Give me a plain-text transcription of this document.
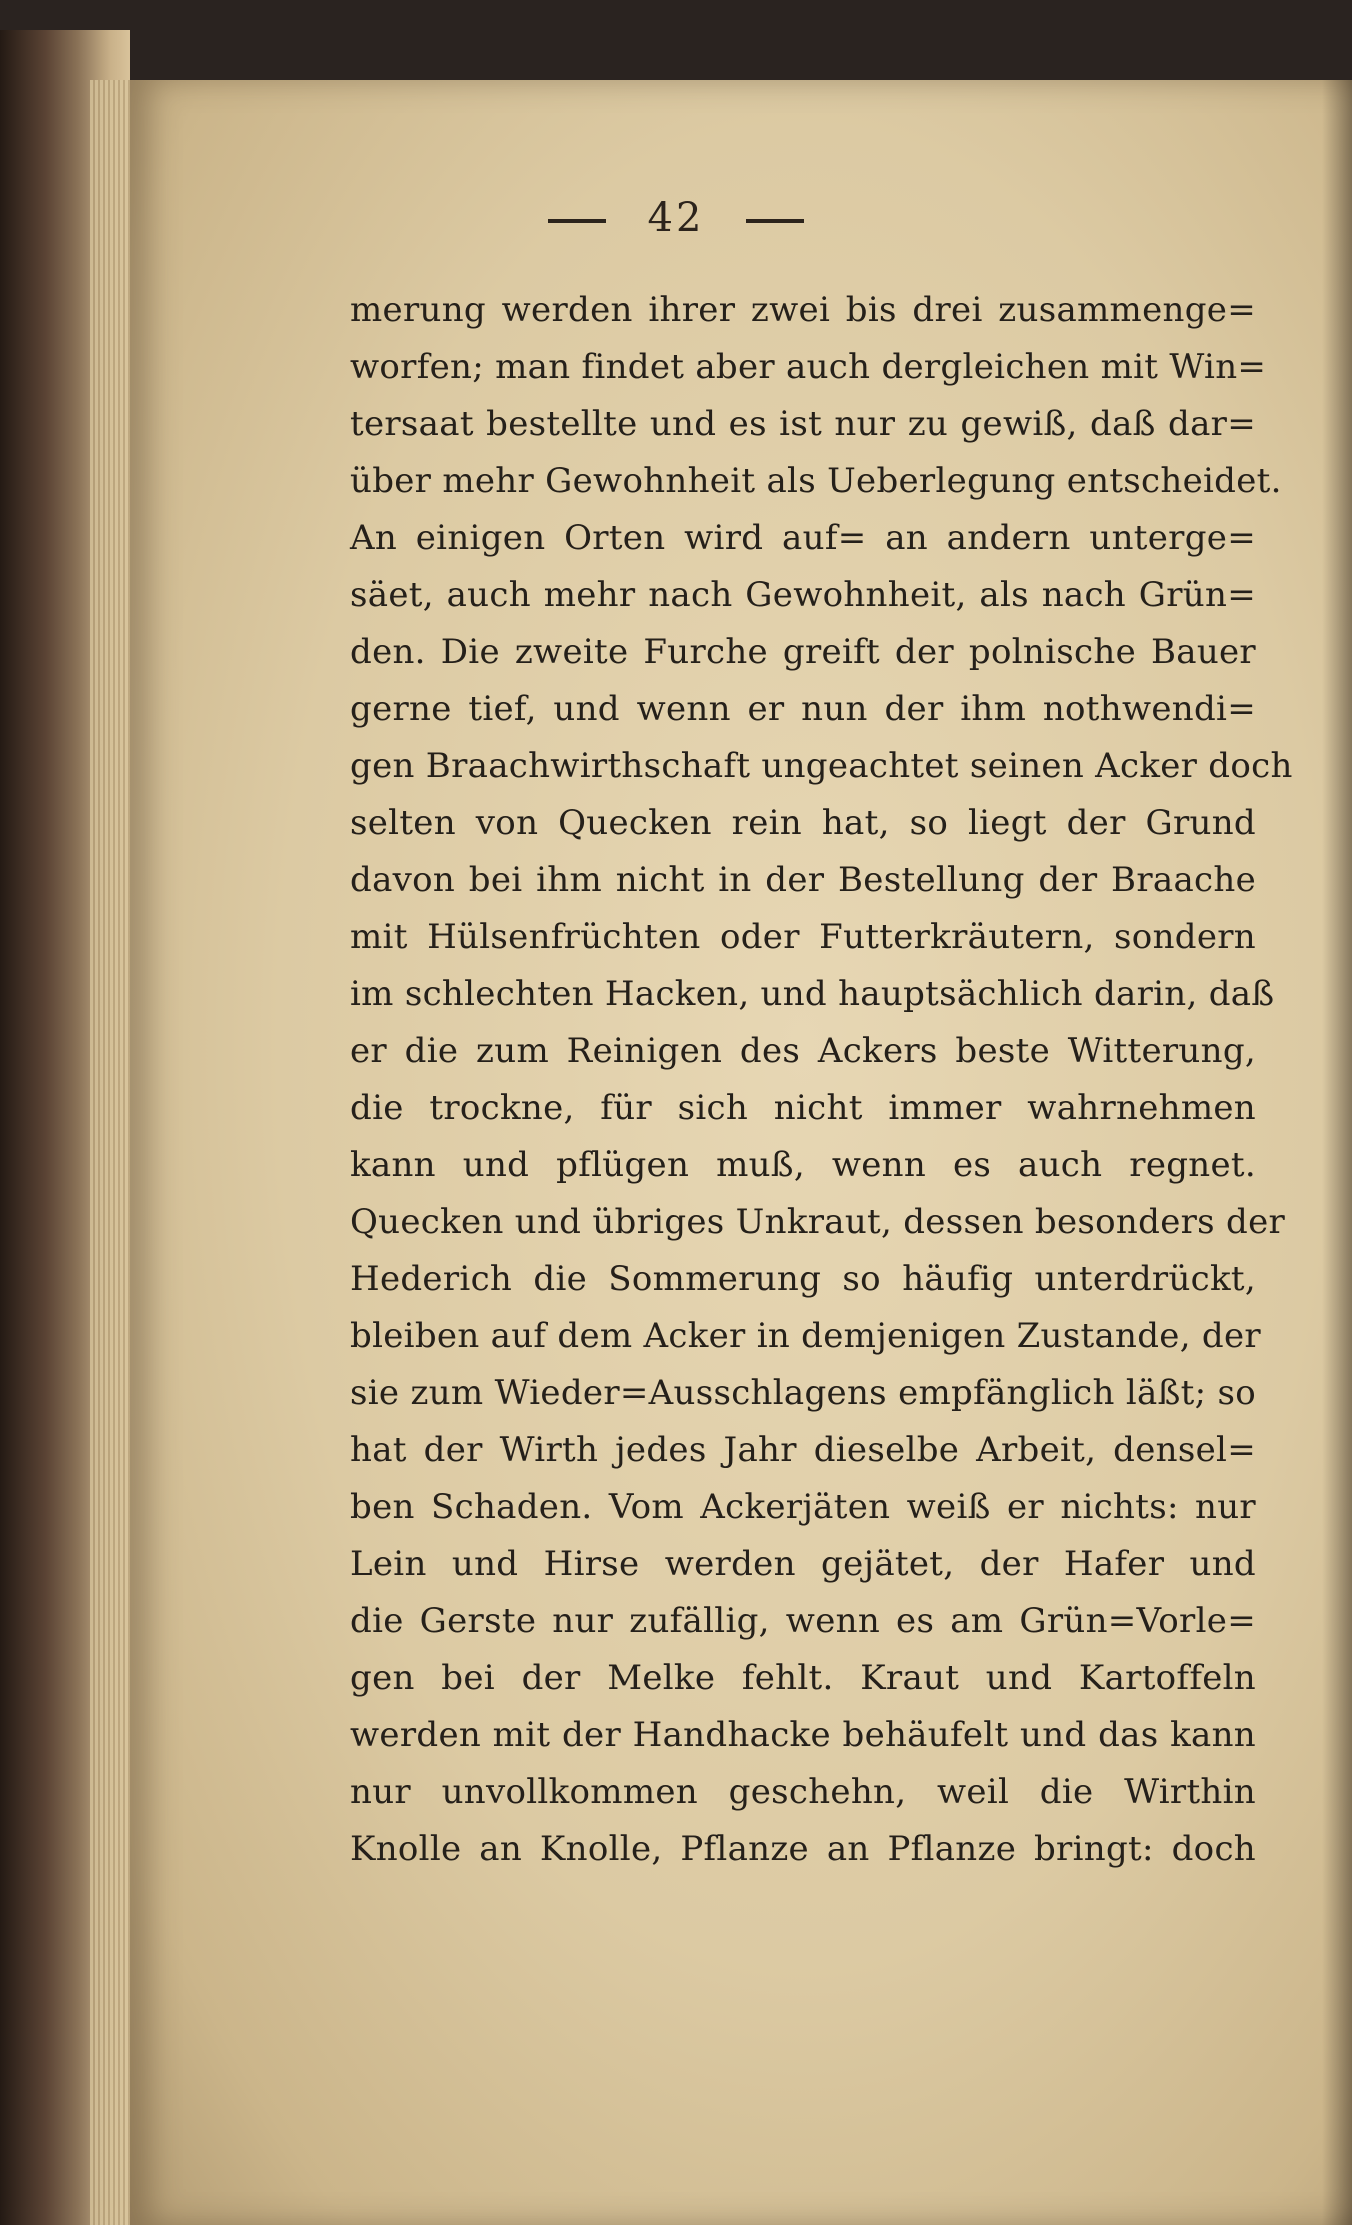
42
merung werden ihrer zwei bis drei zusammenge=
worfen; man findet aber auch dergleichen mit Win=
tersaat bestellte und es ist nur zu gewiß, daß dar=
über mehr Gewohnheit als Ueberlegung entscheidet.
An einigen Orten wird auf= an andern unterge=
säet, auch mehr nach Gewohnheit, als nach Grün=
den. Die zweite Furche greift der polnische Bauer
gerne tief, und wenn er nun der ihm nothwendi=
gen Braachwirthschaft ungeachtet seinen Acker doch
selten von Quecken rein hat, so liegt der Grund
davon bei ihm nicht in der Bestellung der Braache
mit Hülsenfrüchten oder Futterkräutern, sondern
im schlechten Hacken, und hauptsächlich darin, daß
er die zum Reinigen des Ackers beste Witterung,
die trockne, für sich nicht immer wahrnehmen
kann und pflügen muß, wenn es auch regnet.
Quecken und übriges Unkraut, dessen besonders der
Hederich die Sommerung so häufig unterdrückt,
bleiben auf dem Acker in demjenigen Zustande, der
sie zum Wieder=Ausschlagens empfänglich läßt; so
hat der Wirth jedes Jahr dieselbe Arbeit, densel=
ben Schaden. Vom Ackerjäten weiß er nichts: nur
Lein und Hirse werden gejätet, der Hafer und
die Gerste nur zufällig, wenn es am Grün=Vorle=
gen bei der Melke fehlt. Kraut und Kartoffeln
werden mit der Handhacke behäufelt und das kann
nur unvollkommen geschehn, weil die Wirthin
Knolle an Knolle, Pflanze an Pflanze bringt: doch
